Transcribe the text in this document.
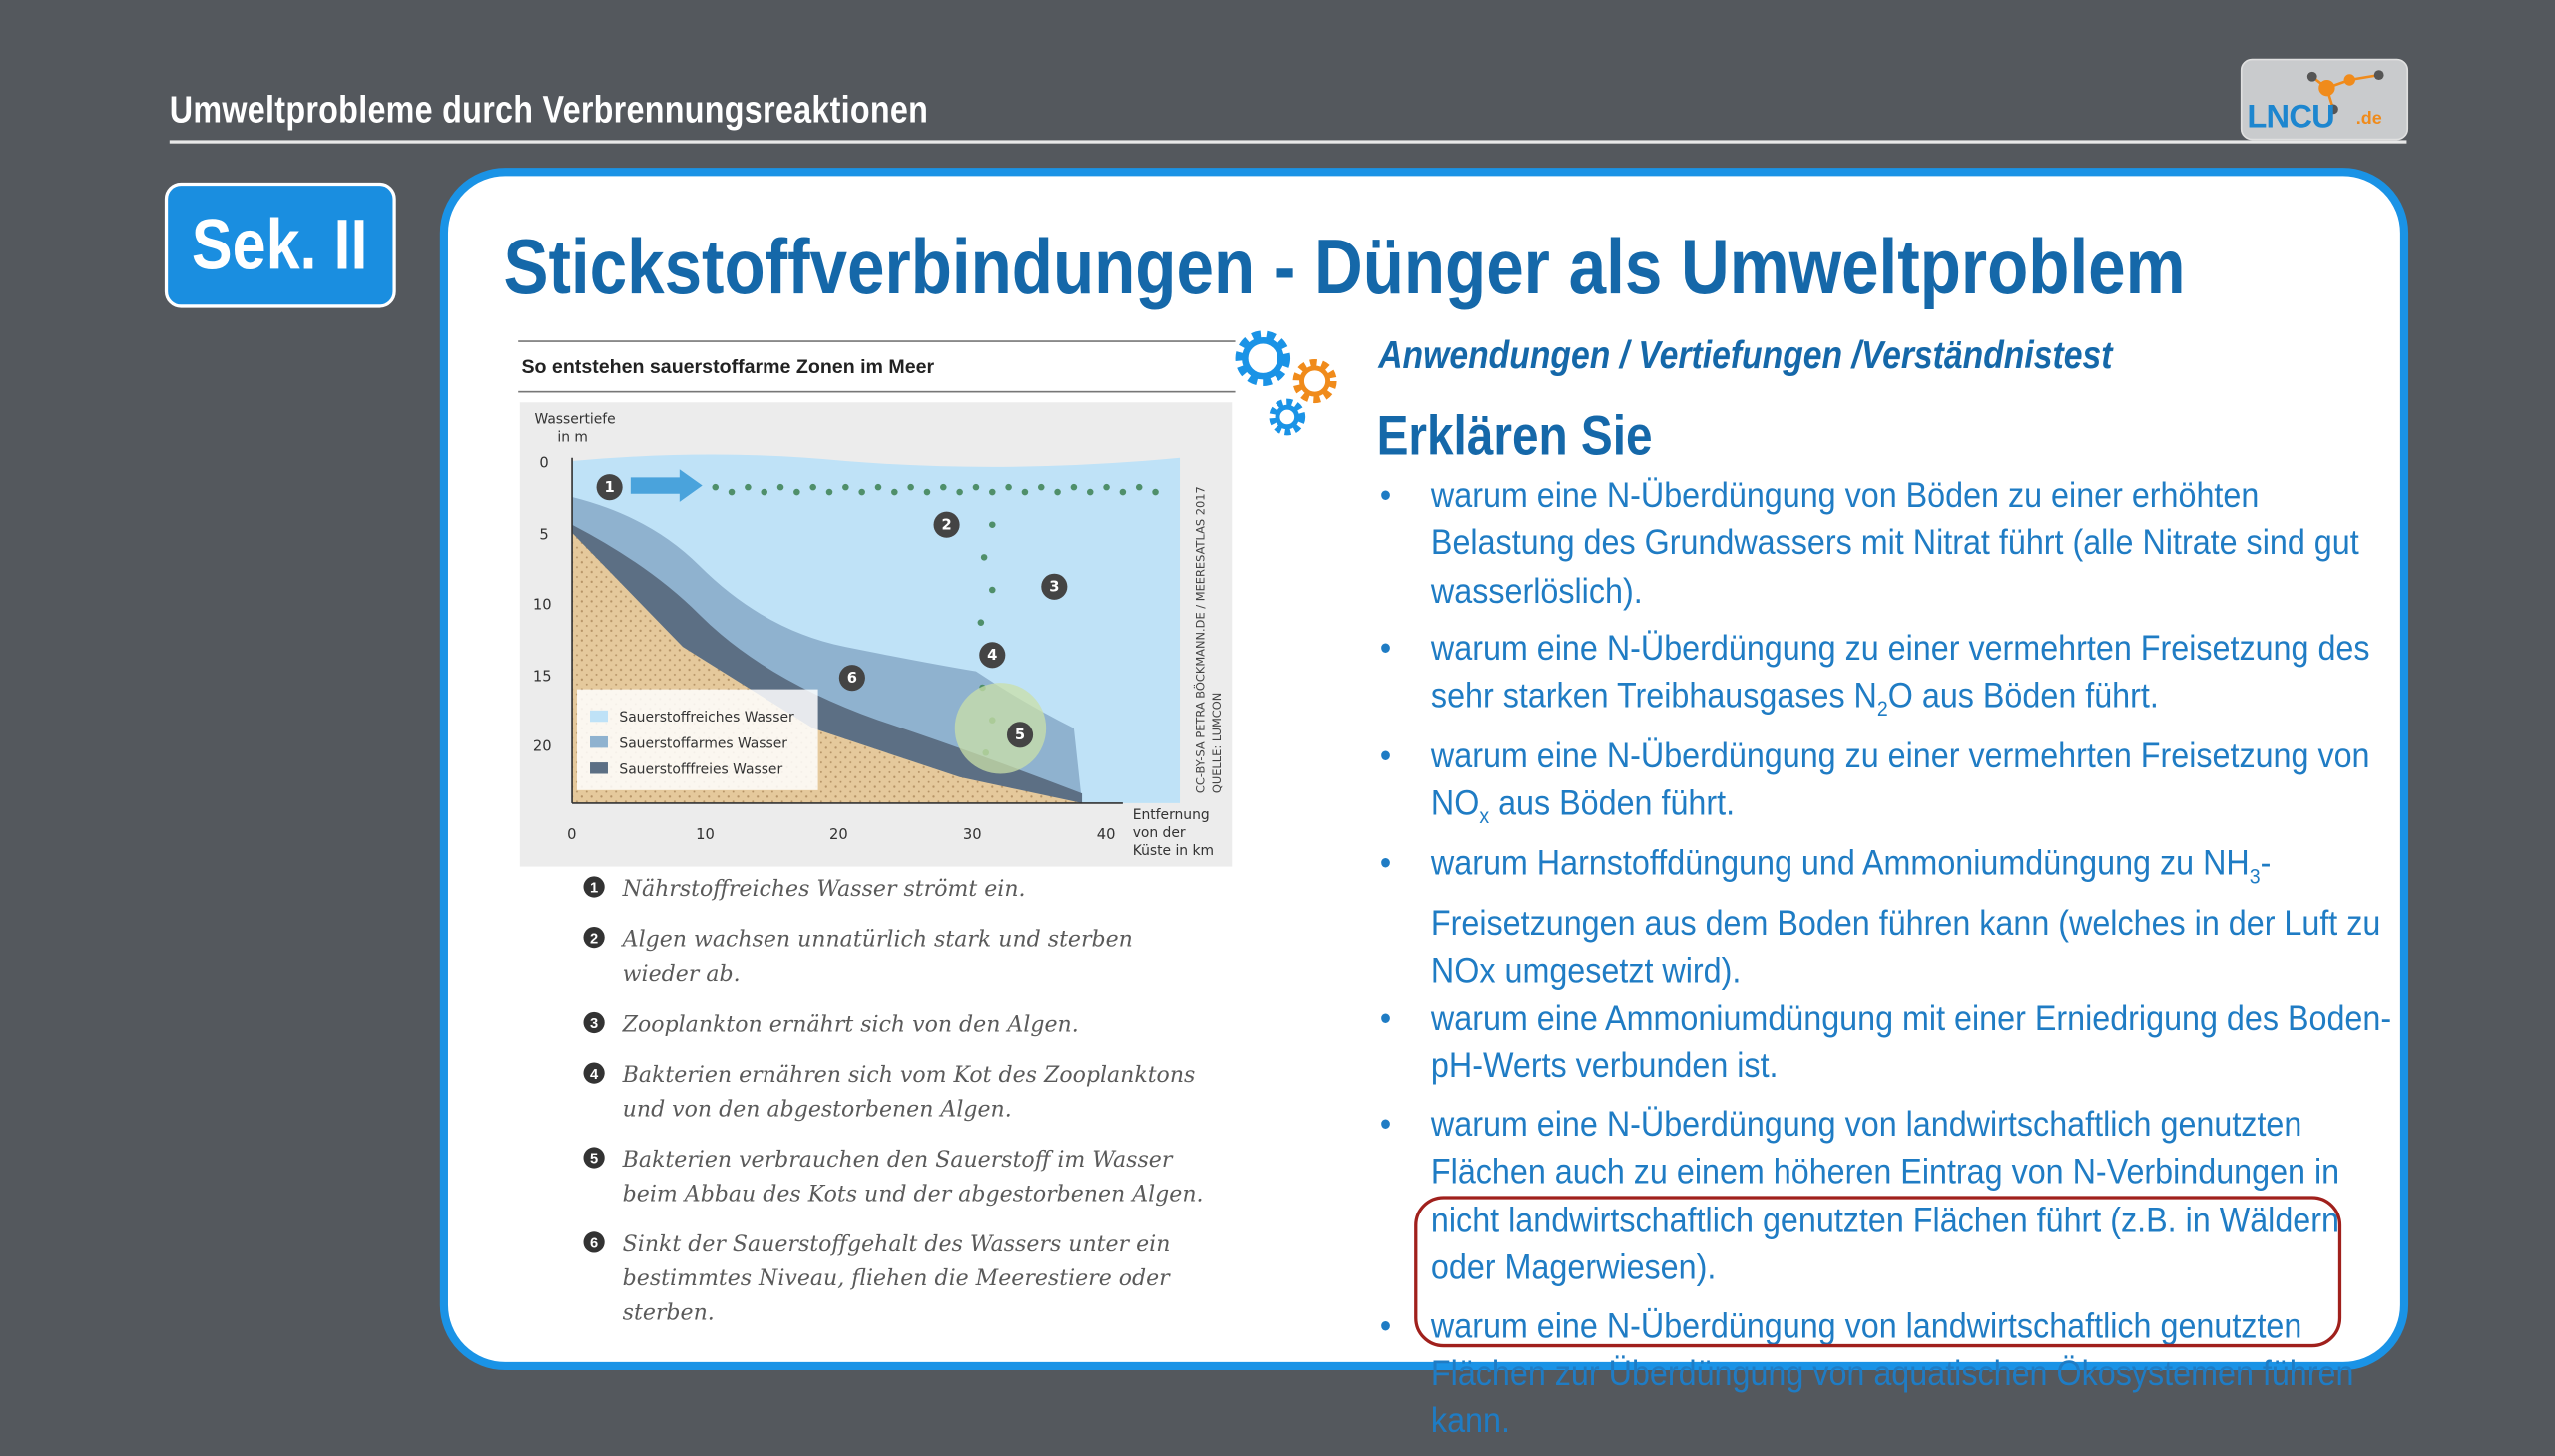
Umweltprobleme durch Verbrennungsreaktionen	LNCU .de
Sek. II	Stickstoffverbindungen - Dünger als Umweltproblem
So entstehen sauerstoffarme Zonen im Meer
0
5
10
15
20
0	10	20	30	40
Wassertiefe
in m
Entfernung
von der
Küste in km
Sauerstoffreiches Wasser
Sauerstoffarmes Wasser
Sauerstofffreies Wasser	CC-BY-SA PETRA BÖCKMANN.DE / MEERESATLAS 2017 QUELLE: LUMCON
1
2
3
4
5
6
1	Nährstoffreiches Wasser strömt ein.
2	Algen wachsen unnatürlich stark und sterben wieder ab.
3	Zooplankton ernährt sich von den Algen.
4	Bakterien ernähren sich vom Kot des Zooplanktons und von den abgestorbenen Algen.
5	Bakterien verbrauchen den Sauerstoff im Wasser beim Abbau des Kots und der abgestorbenen Algen.
6	Sinkt der Sauerstoffgehalt des Wassers unter ein bestimmtes Niveau, fliehen die Meerestiere oder sterben.
Anwendungen / Vertiefungen /Verständnistest
Erklären Sie
• warum eine N-Überdüngung von Böden zu einer erhöhten Belastung des Grundwassers mit Nitrat führt (alle Nitrate sind gut wasserlöslich).
• warum eine N-Überdüngung zu einer vermehrten Freisetzung des sehr starken Treibhausgases $N_2O$ aus Böden führt.
• warum eine N-Überdüngung zu einer vermehrten Freisetzung von $NO_x$ aus Böden führt.
• warum Harnstoffdüngung und Ammoniumdüngung zu $NH_3$-Freisetzungen aus dem Boden führen kann (welches in der Luft zu NOx umgesetzt wird).
• warum eine Ammoniumdüngung mit einer Erniedrigung des Boden-pH-Werts verbunden ist.
• warum eine N-Überdüngung von landwirtschaftlich genutzten Flächen auch zu einem höheren Eintrag von N-Verbindungen in nicht landwirtschaftlich genutzten Flächen führt (z.B. in Wäldern oder Magerwiesen).
• warum eine N-Überdüngung von landwirtschaftlich genutzten Flächen zur Überdüngung von aquatischen Ökosystemen führen kann.
